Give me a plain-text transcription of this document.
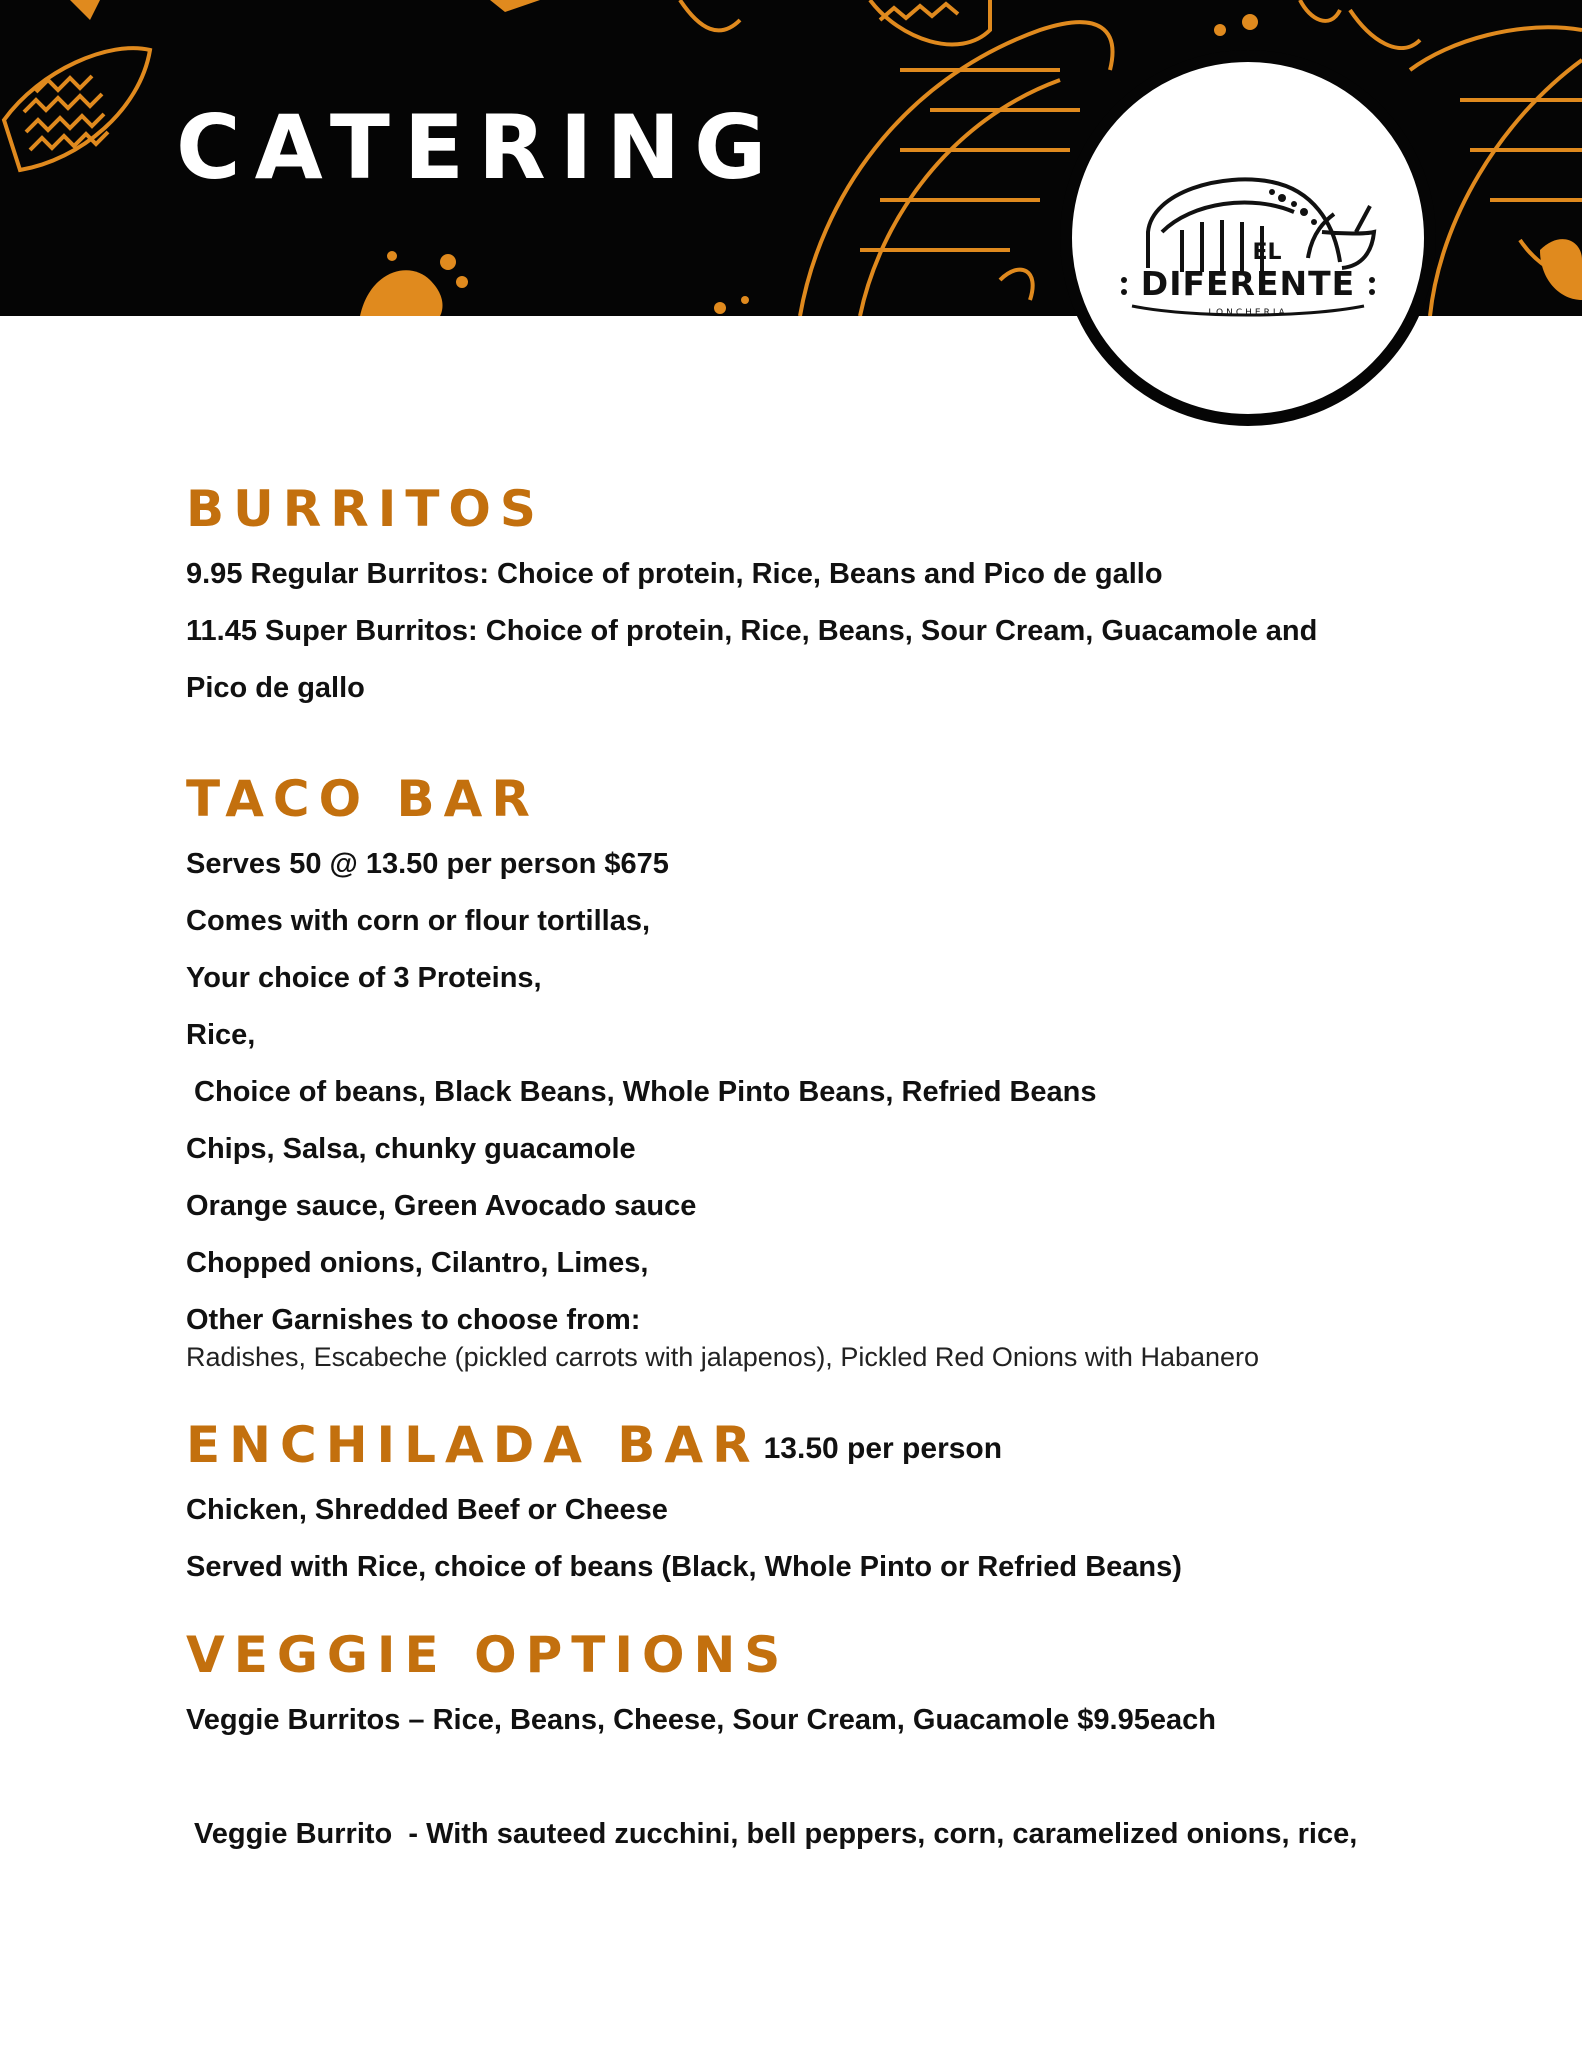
CATERING
EL
DIFERENTE
LONCHERIA
BURRITOS
9.95 Regular Burritos: Choice of protein, Rice, Beans and Pico de gallo
11.45 Super Burritos: Choice of protein, Rice, Beans, Sour Cream, Guacamole and
Pico de gallo
TACO BAR
Serves 50 @ 13.50 per person $675
Comes with corn or flour tortillas,
Your choice of 3 Proteins,
Rice,
Choice of beans, Black Beans, Whole Pinto Beans, Refried Beans
Chips, Salsa, chunky guacamole
Orange sauce, Green Avocado sauce
Chopped onions, Cilantro, Limes,
Other Garnishes to choose from:
Radishes, Escabeche (pickled carrots with jalapenos), Pickled Red Onions with Habanero
ENCHILADA BAR 13.50 per person
Chicken, Shredded Beef or Cheese
Served with Rice, choice of beans (Black, Whole Pinto or Refried Beans)
VEGGIE OPTIONS
Veggie Burritos – Rice, Beans, Cheese, Sour Cream, Guacamole $9.95each
Veggie Burrito  - With sauteed zucchini, bell peppers, corn, caramelized onions, rice,
